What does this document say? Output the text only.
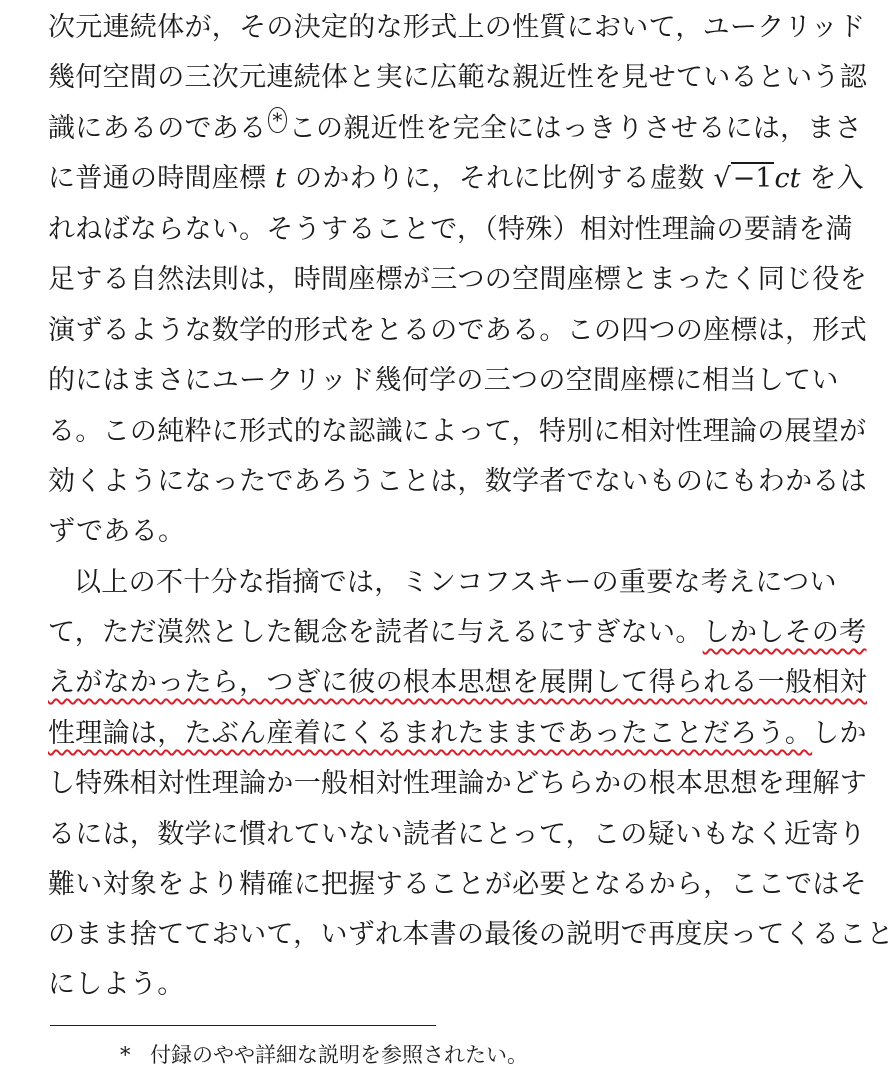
次元連続体が，その決定的な形式上の性質において，ユークリッド
幾何空間の三次元連続体と実に広範な親近性を見せているという認
識にあるのである * この親近性を完全にはっきりさせるには，まさ
に普通の時間座標 t のかわりに，それに比例する虚数 √−1ct を入
れねばならない。そうすることで，（特殊）相対性理論の要請を満
足する自然法則は，時間座標が三つの空間座標とまったく同じ役を
演ずるような数学的形式をとるのである。この四つの座標は，形式
的にはまさにユークリッド幾何学の三つの空間座標に相当してい
る。この純粋に形式的な認識によって，特別に相対性理論の展望が
効くようになったであろうことは，数学者でないものにもわかるは
ずである。
以上の不十分な指摘では，ミンコフスキーの重要な考えについ
て，ただ漠然とした観念を読者に与えるにすぎない。しかしその考
えがなかったら，つぎに彼の根本思想を展開して得られる一般相対
性理論は，たぶん産着にくるまれたままであったことだろう。しか
し特殊相対性理論か一般相対性理論かどちらかの根本思想を理解す
るには，数学に慣れていない読者にとって，この疑いもなく近寄り
難い対象をより精確に把握することが必要となるから，ここではそ
のまま捨てておいて，いずれ本書の最後の説明で再度戻ってくること
にしよう。
* 付録のやや詳細な説明を参照されたい。
